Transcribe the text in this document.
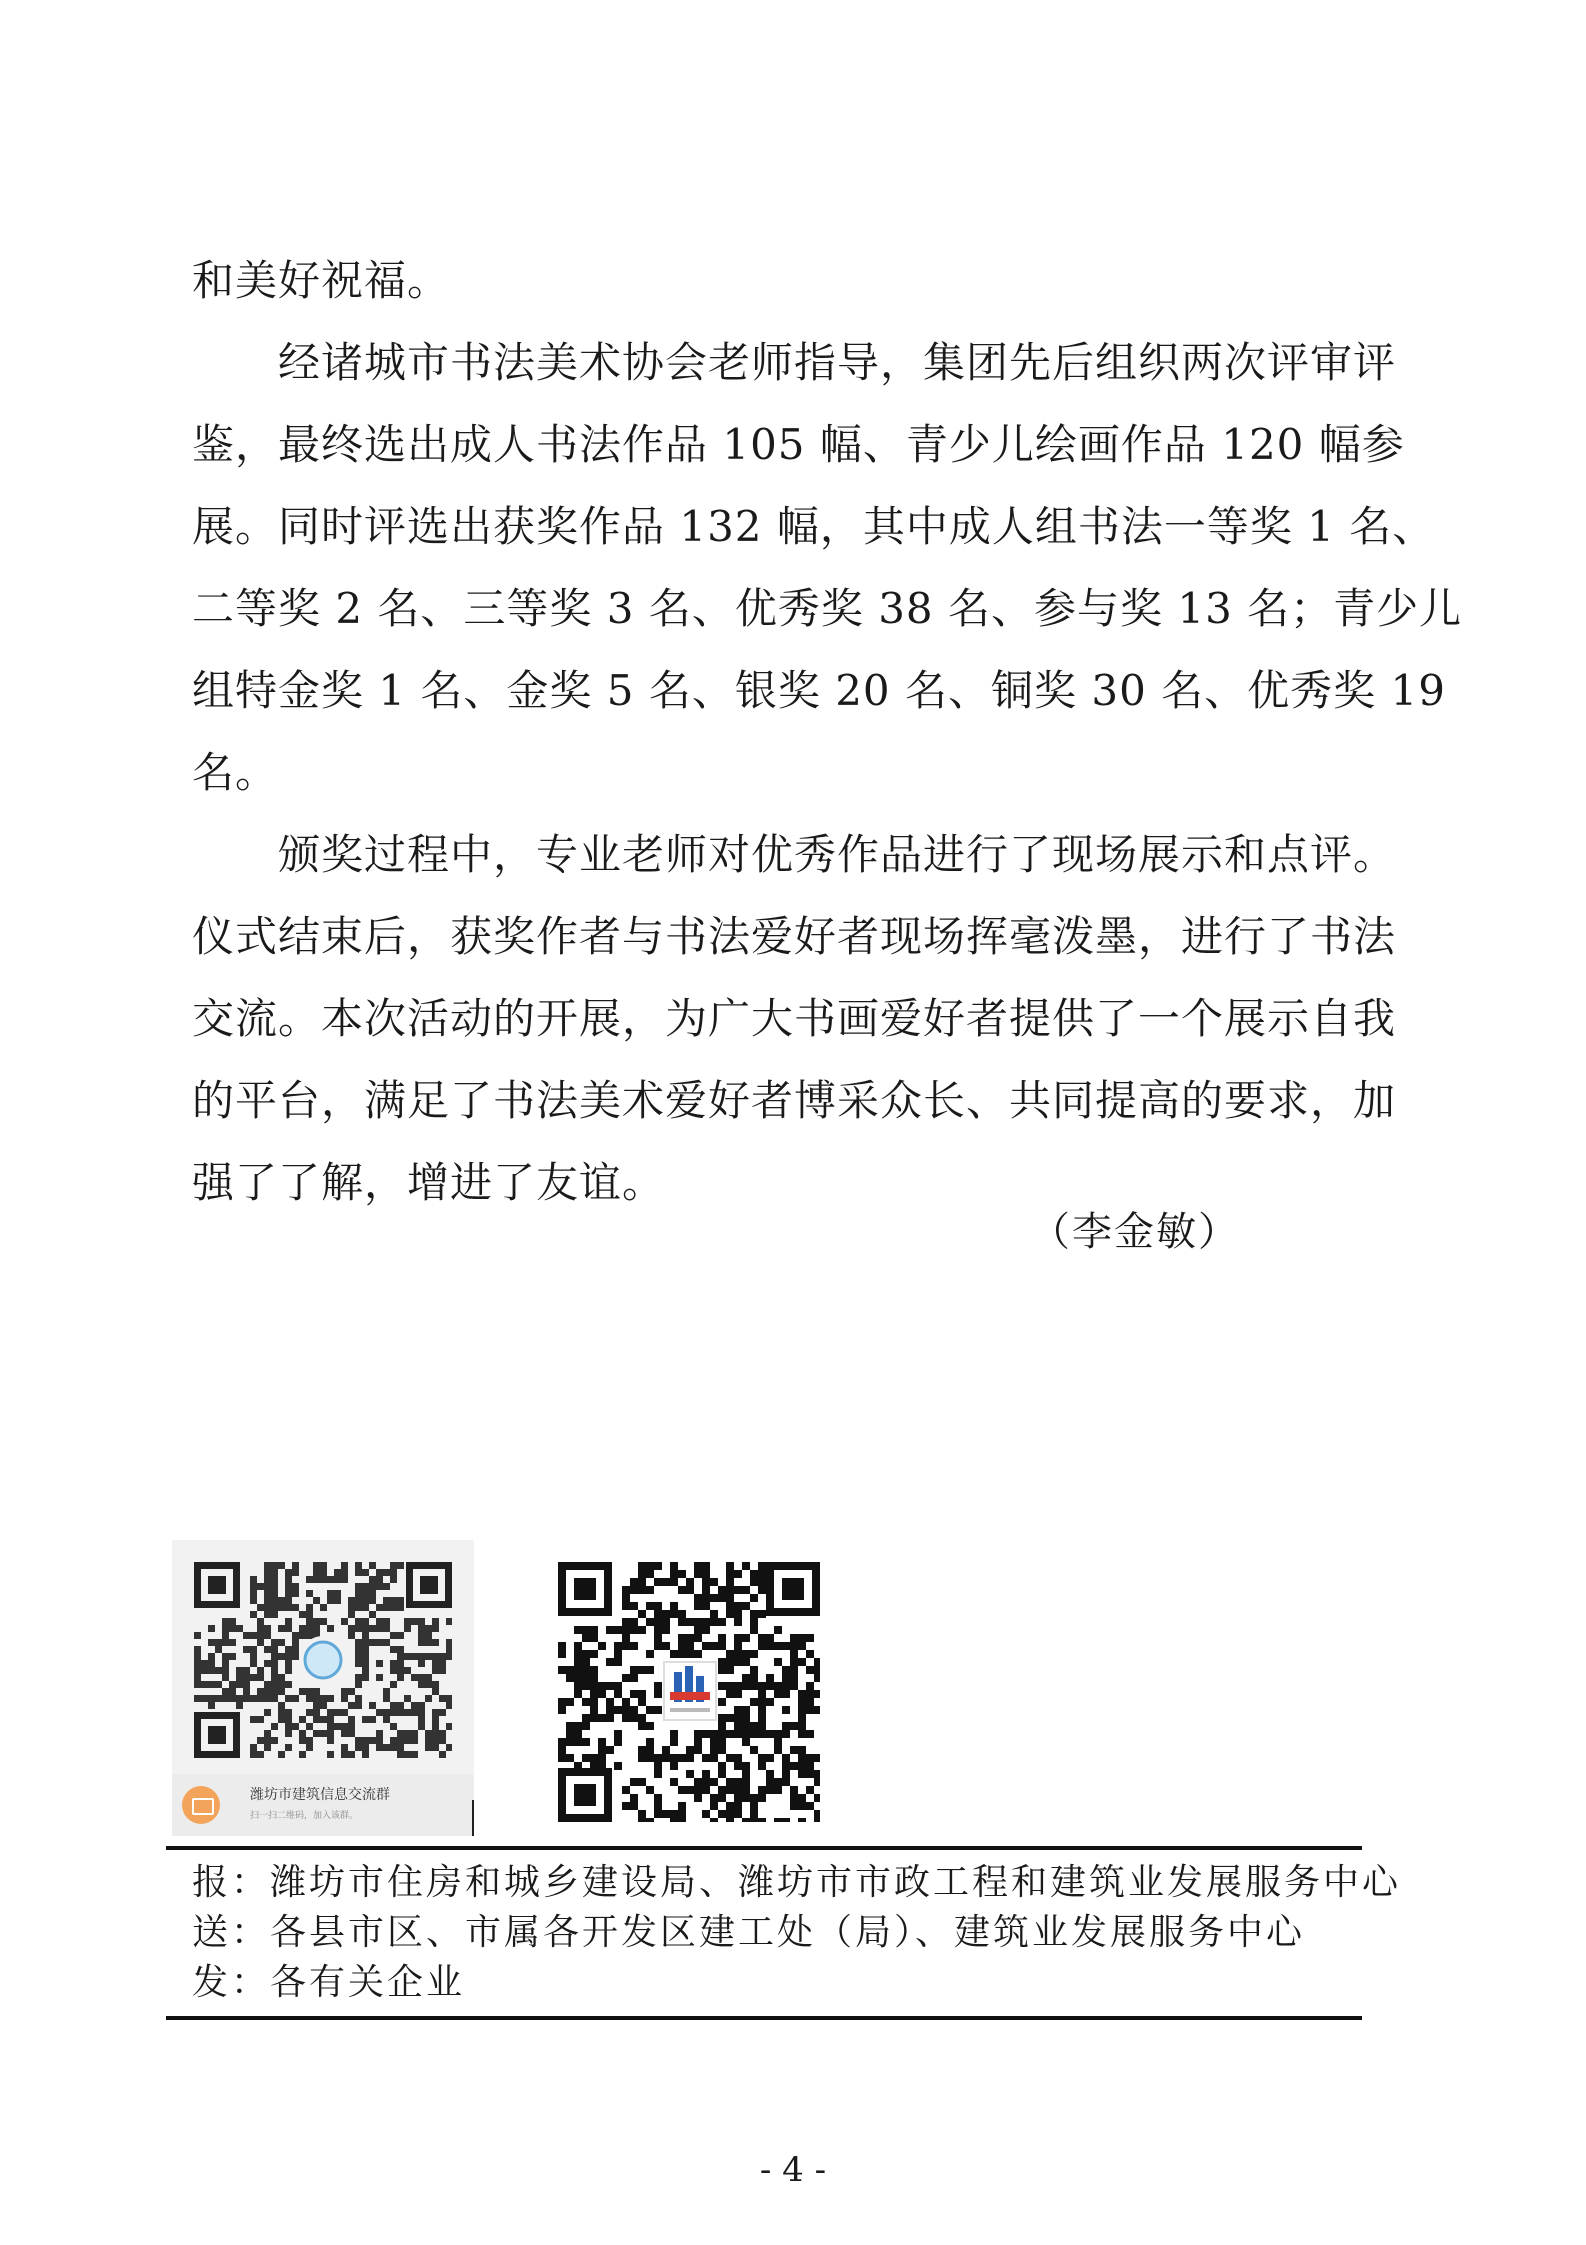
和美好祝福。
经诸城市书法美术协会老师指导，集团先后组织两次评审评
鉴，最终选出成人书法作品 105 幅、青少儿绘画作品 120 幅参
展。同时评选出获奖作品 132 幅，其中成人组书法一等奖 1 名、
二等奖 2 名、三等奖 3 名、优秀奖 38 名、参与奖 13 名；青少儿
组特金奖 1 名、金奖 5 名、银奖 20 名、铜奖 30 名、优秀奖 19
名。
颁奖过程中，专业老师对优秀作品进行了现场展示和点评。
仪式结束后，获奖作者与书法爱好者现场挥毫泼墨，进行了书法
交流。本次活动的开展，为广大书画爱好者提供了一个展示自我
的平台，满足了书法美术爱好者博采众长、共同提高的要求，加
强了了解，增进了友谊。
（李金敏）
潍坊市建筑信息交流群
扫一扫二维码，加入该群。
报：潍坊市住房和城乡建设局、潍坊市市政工程和建筑业发展服务中心
送：各县市区、市属各开发区建工处（局）、建筑业发展服务中心
发：各有关企业
- 4 -
